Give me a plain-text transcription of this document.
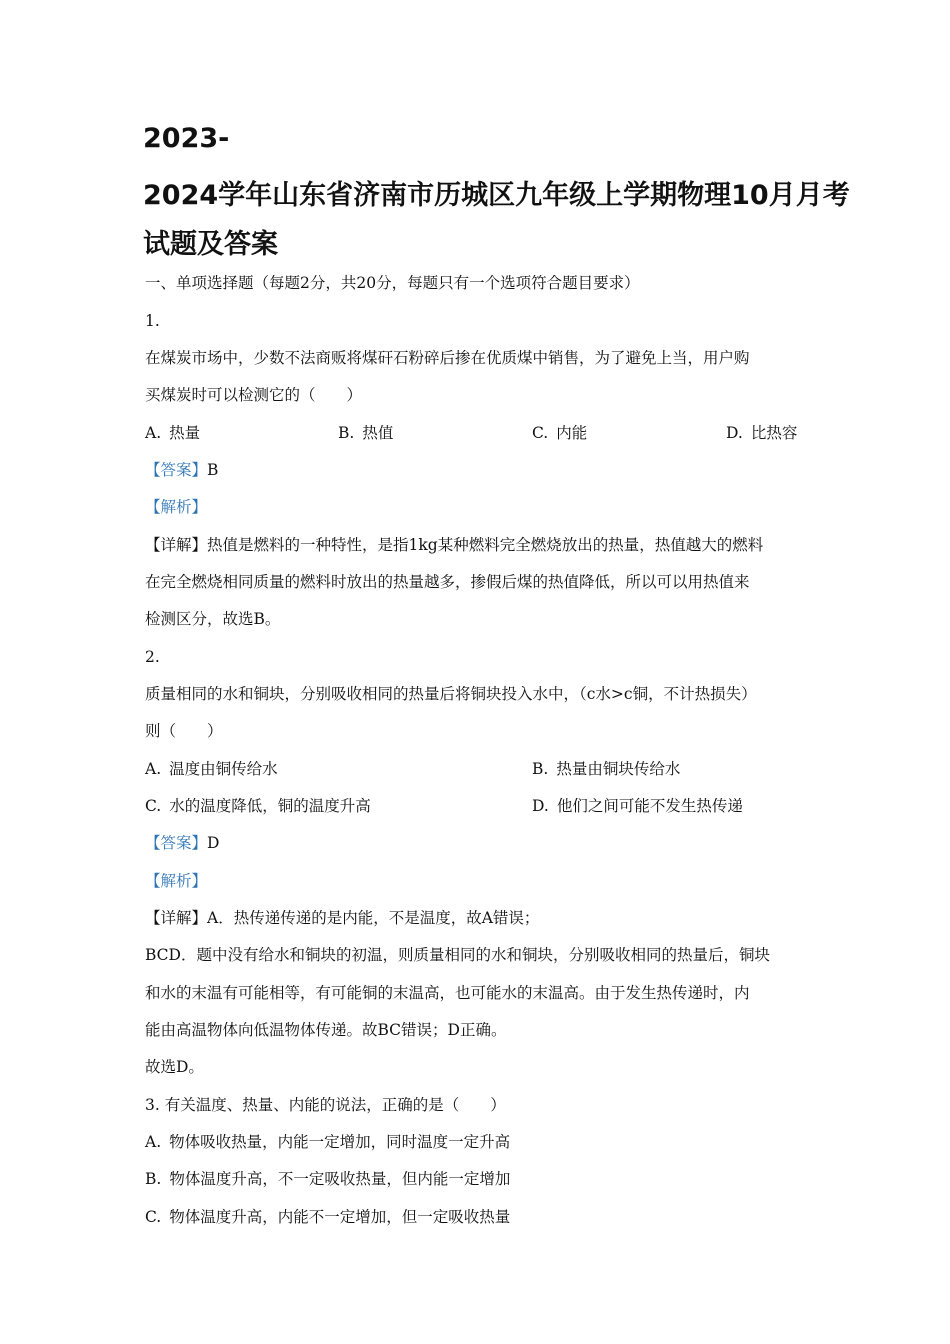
2023-
2024学年山东省济南市历城区九年级上学期物理10月月考
试题及答案
一、单项选择题（每题2分，共20分，每题只有一个选项符合题目要求）
1.
在煤炭市场中，少数不法商贩将煤矸石粉碎后掺在优质煤中销售，为了避免上当，用户购
买煤炭时可以检测它的（　　）
A. 热量	B. 热值	C. 内能	D. 比热容
【答案】B
【解析】
【详解】热值是燃料的一种特性，是指1kg某种燃料完全燃烧放出的热量，热值越大的燃料
在完全燃烧相同质量的燃料时放出的热量越多，掺假后煤的热值降低，所以可以用热值来
检测区分，故选B。
2.
质量相同的水和铜块，分别吸收相同的热量后将铜块投入水中，（c水>c铜，不计热损失）
则（　　）
A. 温度由铜传给水	B. 热量由铜块传给水
C. 水的温度降低，铜的温度升高	D. 他们之间可能不发生热传递
【答案】D
【解析】
【详解】A．热传递传递的是内能，不是温度，故A错误；
BCD．题中没有给水和铜块的初温，则质量相同的水和铜块，分别吸收相同的热量后，铜块
和水的末温有可能相等，有可能铜的末温高，也可能水的末温高。由于发生热传递时，内
能由高温物体向低温物体传递。故BC错误；D正确。
故选D。
3. 有关温度、热量、内能的说法，正确的是（　　）
A. 物体吸收热量，内能一定增加，同时温度一定升高
B. 物体温度升高，不一定吸收热量，但内能一定增加
C. 物体温度升高，内能不一定增加，但一定吸收热量
